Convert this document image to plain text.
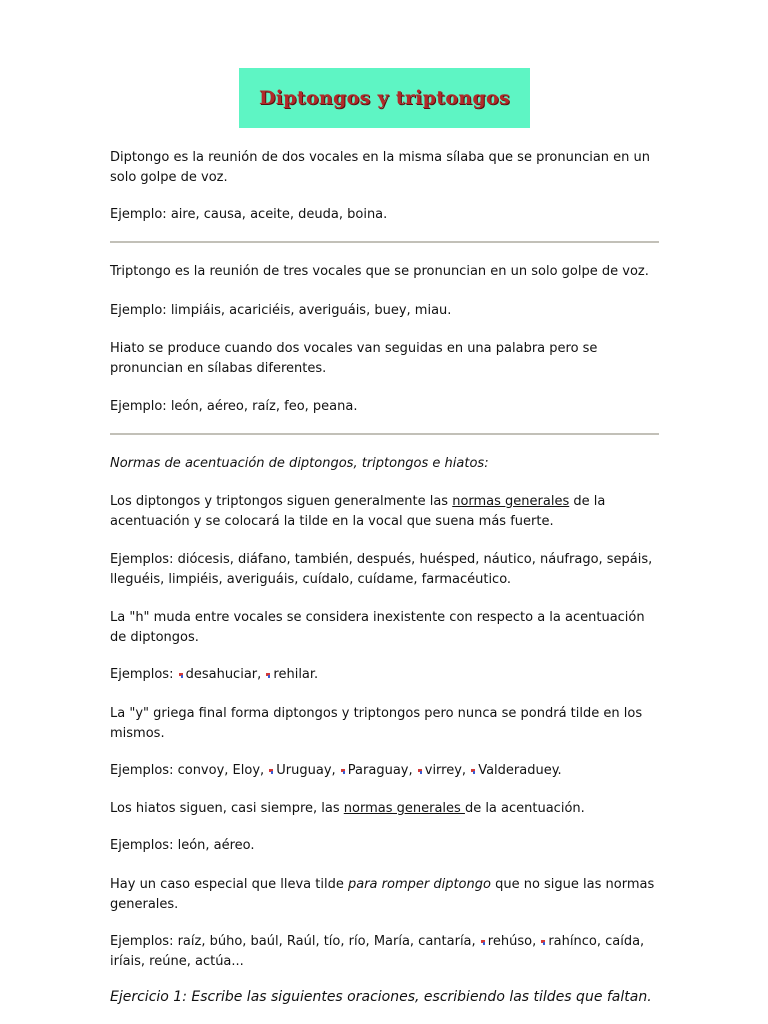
Diptongos y triptongos

Diptongo es la reunión de dos vocales en la misma sílaba que se pronuncian en un solo golpe de voz.

Ejemplo: aire, causa, aceite, deuda, boina.

Triptongo es la reunión de tres vocales que se pronuncian en un solo golpe de voz.

Ejemplo: limpiáis, acariciéis, averiguáis, buey, miau.

Hiato se produce cuando dos vocales van seguidas en una palabra pero se pronuncian en sílabas diferentes.

Ejemplo: león, aéreo, raíz, feo, peana.

Normas de acentuación de diptongos, triptongos e hiatos:

Los diptongos y triptongos siguen generalmente las normas generales de la acentuación y se colocará la tilde en la vocal que suena más fuerte.

Ejemplos: diócesis, diáfano, también, después, huésped, náutico, náufrago, sepáis, lleguéis, limpiéis, averiguáis, cuídalo, cuídame, farmacéutico.

La "h" muda entre vocales se considera inexistente con respecto a la acentuación de diptongos.

Ejemplos: desahuciar, rehilar.

La "y" griega final forma diptongos y triptongos pero nunca se pondrá tilde en los mismos.

Ejemplos: convoy, Eloy, Uruguay, Paraguay, virrey, Valderaduey.

Los hiatos siguen, casi siempre, las normas generales de la acentuación.

Ejemplos: león, aéreo.

Hay un caso especial que lleva tilde para romper diptongo que no sigue las normas generales.

Ejemplos: raíz, búho, baúl, Raúl, tío, río, María, cantaría, rehúso, rahínco, caída, iríais, reúne, actúa...

Ejercicio 1: Escribe las siguientes oraciones, escribiendo las tildes que faltan.
